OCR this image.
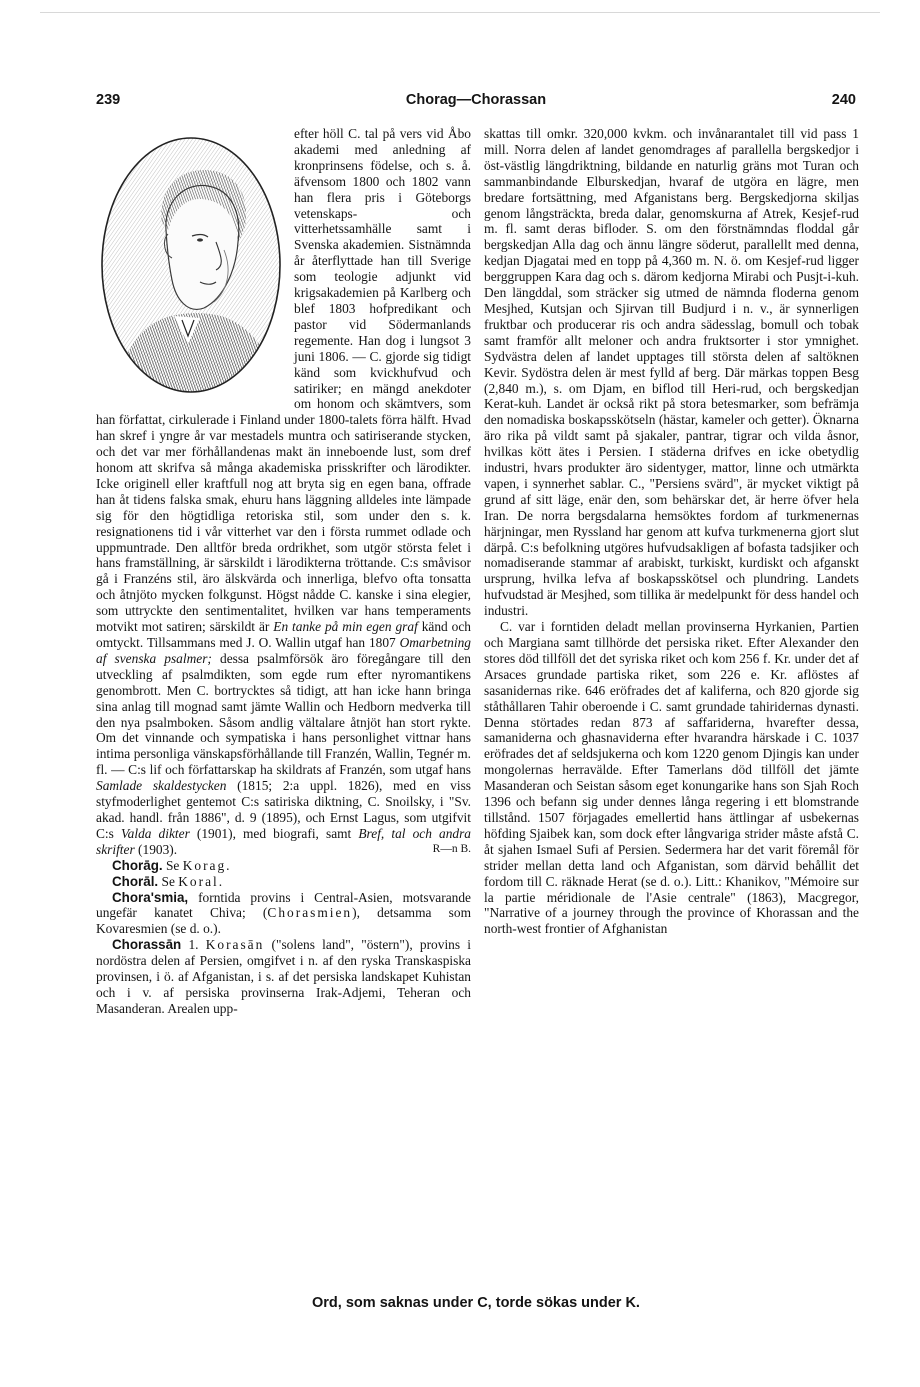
239	Chorag—Chorassan	240

efter höll C. tal på vers vid Åbo akademi med anledning af kronprinsens födelse, och s. å. äfvensom 1800 och 1802 vann han flera pris i Göteborgs vetenskaps- och vitterhetssamhälle samt i Svenska akademien. Sistnämnda år återflyttade han till Sverige som teologie adjunkt vid krigsakademien på Karlberg och blef 1803 hofpredikant och pastor vid Södermanlands regemente. Han dog i lungsot 3 juni 1806. — C. gjorde sig tidigt känd som kvickhufvud och satiriker; en mängd anekdoter om honom och skämtvers, som han författat, cirkulerade i Finland under 1800-talets förra hälft. Hvad han skref i yngre år var mestadels muntra och satiriserande stycken, och det var mer förhållandenas makt än inneboende lust, som dref honom att skrifva så många akademiska prisskrifter och lärodikter. Icke originell eller kraftfull nog att bryta sig en egen bana, offrade han åt tidens falska smak, ehuru hans läggning alldeles inte lämpade sig för den högtidliga retoriska stil, som under den s. k. resignationens tid i vår vitterhet var den i första rummet odlade och uppmuntrade. Den alltför breda ordrikhet, som utgör största felet i hans framställning, är särskildt i lärodikterna tröttande. C:s småvisor gå i Franzéns stil, äro älskvärda och innerliga, blefvo ofta tonsatta och åtnjöto mycken folkgunst. Högst nådde C. kanske i sina elegier, som uttryckte den sentimentalitet, hvilken var hans temperaments motvikt mot satiren; särskildt är En tanke på min egen graf känd och omtyckt. Tillsammans med J. O. Wallin utgaf han 1807 Omarbetning af svenska psalmer; dessa psalmförsök äro föregångare till den utveckling af psalmdikten, som egde rum efter nyromantikens genombrott. Men C. bortrycktes så tidigt, att han icke hann bringa sina anlag till mognad samt jämte Wallin och Hedborn medverka till den nya psalmboken. Såsom andlig vältalare åtnjöt han stort rykte. Om det vinnande och sympatiska i hans personlighet vittnar hans intima personliga vänskapsförhållande till Franzén, Wallin, Tegnér m. fl. — C:s lif och författarskap ha skildrats af Franzén, som utgaf hans Samlade skaldestycken (1815; 2:a uppl. 1826), med en viss styfmoderlighet gentemot C:s satiriska diktning, C. Snoilsky, i "Sv. akad. handl. från 1886", d. 9 (1895), och Ernst Lagus, som utgifvit C:s Valda dikter (1901), med biografi, samt Bref, tal och andra skrifter (1903).	R—n B.

Chorāg. Se Korag.

Chorāl. Se Koral.

Chora'smia, forntida provins i Central-Asien, motsvarande ungefär kanatet Chiva; (Chorasmien), detsamma som Kovaresmien (se d. o.).

Chorassān 1. Korasān ("solens land", "östern"), provins i nordöstra delen af Persien, omgifvet i n. af den ryska Transkaspiska provinsen, i ö. af Afganistan, i s. af det persiska landskapet Kuhistan och i v. af persiska provinserna Irak-Adjemi, Teheran och Masanderan. Arealen upp-

skattas till omkr. 320,000 kvkm. och invånarantalet till vid pass 1 mill. Norra delen af landet genomdrages af parallella bergskedjor i öst-västlig längdriktning, bildande en naturlig gräns mot Turan och sammanbindande Elburskedjan, hvaraf de utgöra en lägre, men bredare fortsättning, med Afganistans berg. Bergskedjorna skiljas genom långsträckta, breda dalar, genomskurna af Atrek, Kesjef-rud m. fl. samt deras bifloder. S. om den förstnämndas floddal går bergskedjan Alla dag och ännu längre söderut, parallellt med denna, kedjan Djagatai med en topp på 4,360 m. N. ö. om Kesjef-rud ligger berggruppen Kara dag och s. därom kedjorna Mirabi och Pusjt-i-kuh. Den längddal, som sträcker sig utmed de nämnda floderna genom Mesjhed, Kutsjan och Sjirvan till Budjurd i n. v., är synnerligen fruktbar och producerar ris och andra sädesslag, bomull och tobak samt framför allt meloner och andra fruktsorter i stor ymnighet. Sydvästra delen af landet upptages till största delen af saltöknen Kevir. Sydöstra delen är mest fylld af berg. Där märkas toppen Besg (2,840 m.), s. om Djam, en biflod till Heri-rud, och bergskedjan Kerat-kuh. Landet är också rikt på stora betesmarker, som befrämja den nomadiska boskapsskötseln (hästar, kameler och getter). Öknarna äro rika på vildt samt på sjakaler, pantrar, tigrar och vilda åsnor, hvilkas kött ätes i Persien. I städerna drifves en icke obetydlig industri, hvars produkter äro sidentyger, mattor, linne och utmärkta vapen, i synnerhet sablar. C., "Persiens svärd", är mycket viktigt på grund af sitt läge, enär den, som behärskar det, är herre öfver hela Iran. De norra bergsdalarna hemsöktes fordom af turkmenernas härjningar, men Ryssland har genom att kufva turkmenerna gjort slut därpå. C:s befolkning utgöres hufvudsakligen af bofasta tadsjiker och nomadiserande stammar af arabiskt, turkiskt, kurdiskt och afganskt ursprung, hvilka lefva af boskapsskötsel och plundring. Landets hufvudstad är Mesjhed, som tillika är medelpunkt för dess handel och industri.

C. var i forntiden deladt mellan provinserna Hyrkanien, Partien och Margiana samt tillhörde det persiska riket. Efter Alexander den stores död tillföll det det syriska riket och kom 256 f. Kr. under det af Arsaces grundade partiska riket, som 226 e. Kr. aflöstes af sasanidernas rike. 646 eröfrades det af kaliferna, och 820 gjorde sig ståthållaren Tahir oberoende i C. samt grundade tahiridernas dynasti. Denna störtades redan 873 af saffariderna, hvarefter dessa, samaniderna och ghasnaviderna efter hvarandra härskade i C. 1037 eröfrades det af seldsjukerna och kom 1220 genom Djingis kan under mongolernas herravälde. Efter Tamerlans död tillföll det jämte Masanderan och Seistan såsom eget konungarike hans son Sjah Roch 1396 och befann sig under dennes långa regering i ett blomstrande tillstånd. 1507 förjagades emellertid hans ättlingar af usbekernas höfding Sjaibek kan, som dock efter långvariga strider måste afstå C. åt sjahen Ismael Sufi af Persien. Sedermera har det varit föremål för strider mellan detta land och Afganistan, som därvid behållit det fordom till C. räknade Herat (se d. o.). Litt.: Khanikov, "Mémoire sur la partie méridionale de l'Asie centrale" (1863), Macgregor, "Narrative of a journey through the province of Khorassan and the north-west frontier of Afghanistan

Ord, som saknas under C, torde sökas under K.
